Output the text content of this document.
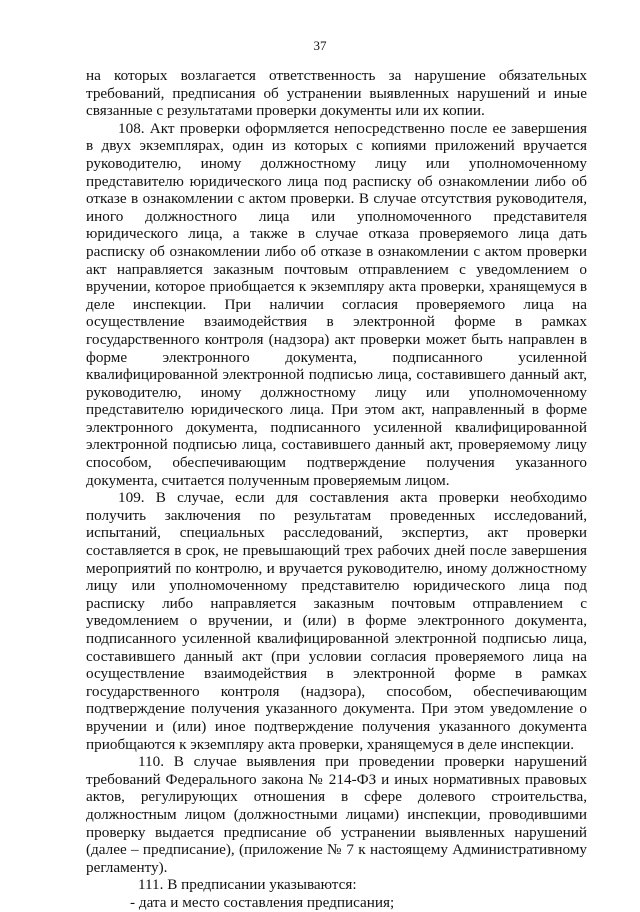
37

на которых возлагается ответственность за нарушение обязательных требований, предписания об устранении выявленных нарушений и иные связанные с результатами проверки документы или их копии.

108. Акт проверки оформляется непосредственно после ее завершения в двух экземплярах, один из которых с копиями приложений вручается руководителю, иному должностному лицу или уполномоченному представителю юридического лица под расписку об ознакомлении либо об отказе в ознакомлении с актом проверки. В случае отсутствия руководителя, иного должностного лица или уполномоченного представителя юридического лица, а также в случае отказа проверяемого лица дать расписку об ознакомлении либо об отказе в ознакомлении с актом проверки акт направляется заказным почтовым отправлением с уведомлением о вручении, которое приобщается к экземпляру акта проверки, хранящемуся в деле инспекции. При наличии согласия проверяемого лица на осуществление взаимодействия в электронной форме в рамках государственного контроля (надзора) акт проверки может быть направлен в форме электронного документа, подписанного усиленной квалифицированной электронной подписью лица, составившего данный акт, руководителю, иному должностному лицу или уполномоченному представителю юридического лица. При этом акт, направленный в форме электронного документа, подписанного усиленной квалифицированной электронной подписью лица, составившего данный акт, проверяемому лицу способом, обеспечивающим подтверждение получения указанного документа, считается полученным проверяемым лицом.

109. В случае, если для составления акта проверки необходимо получить заключения по результатам проведенных исследований, испытаний, специальных расследований, экспертиз, акт проверки составляется в срок, не превышающий трех рабочих дней после завершения мероприятий по контролю, и вручается руководителю, иному должностному лицу или уполномоченному представителю юридического лица под расписку либо направляется заказным почтовым отправлением с уведомлением о вручении, и (или) в форме электронного документа, подписанного усиленной квалифицированной электронной подписью лица, составившего данный акт (при условии согласия проверяемого лица на осуществление взаимодействия в электронной форме в рамках государственного контроля (надзора), способом, обеспечивающим подтверждение получения указанного документа. При этом уведомление о вручении и (или) иное подтверждение получения указанного документа приобщаются к экземпляру акта проверки, хранящемуся в деле инспекции.

110. В случае выявления при проведении проверки нарушений требований Федерального закона № 214-ФЗ и иных нормативных правовых актов, регулирующих отношения в сфере долевого строительства, должностным лицом (должностными лицами) инспекции, проводившими проверку выдается предписание об устранении выявленных нарушений (далее – предписание), (приложение № 7 к настоящему Административному регламенту).

111. В предписании указываются:

- дата и место составления предписания;
